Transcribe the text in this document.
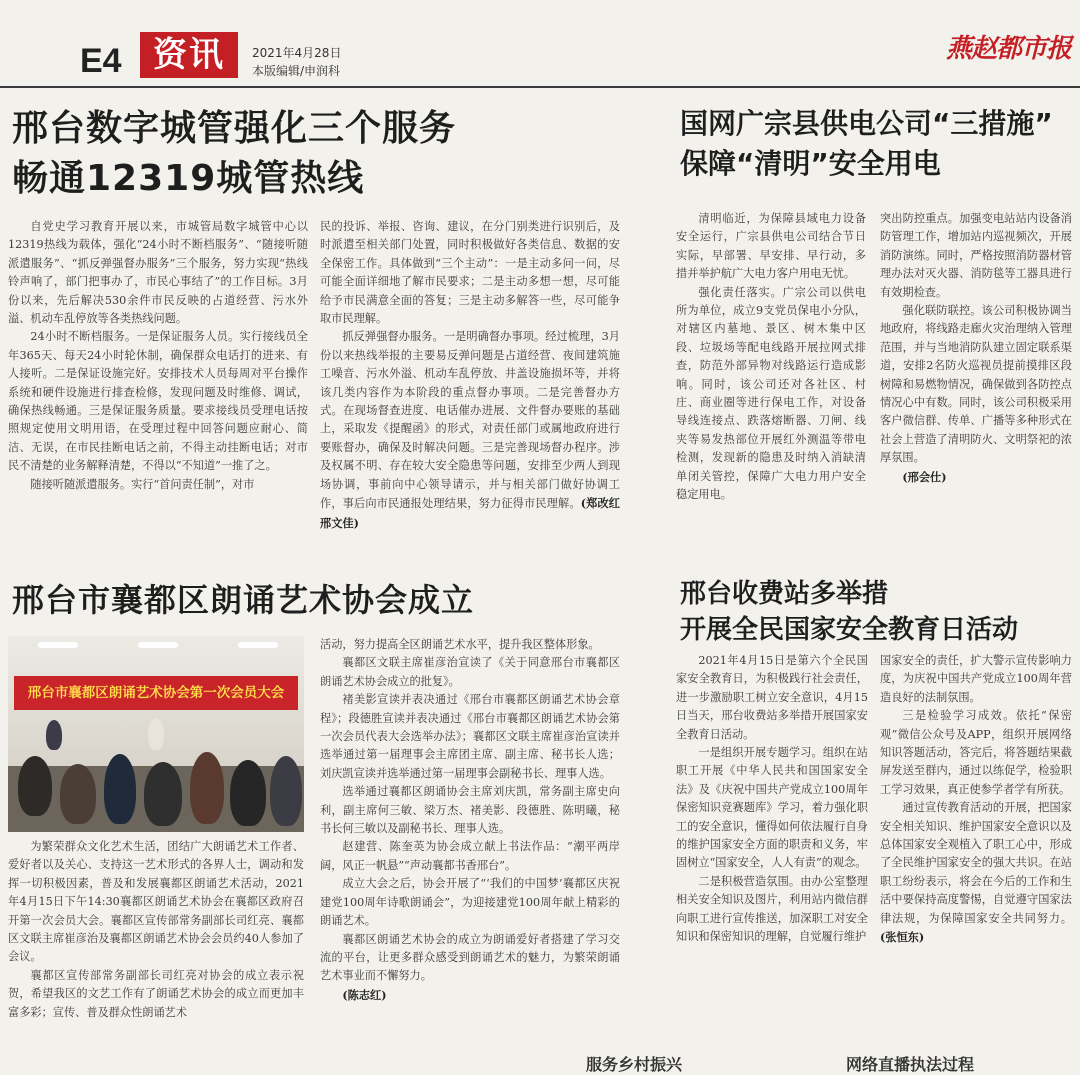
E4 资讯	2021年4月28日
本版编辑/申润科
燕赵都市报
邢台数字城管强化三个服务
畅通12319城管热线

自党史学习教育开展以来，市城管局数字城管中心以12319热线为载体，强化“24小时不断档服务”、“随接听随派遣服务”、“抓反弹强督办服务”三个服务，努力实现“热线铃声响了，部门把事办了，市民心事结了”的工作目标。3月份以来，先后解决530余件市民反映的占道经营、污水外溢、机动车乱停放等各类热线问题。

24小时不断档服务。一是保证服务人员。实行接线员全年365天、每天24小时轮休制，确保群众电话打的进来、有人接听。二是保证设施完好。安排技术人员每周对平台操作系统和硬件设施进行排查检修，发现问题及时维修、调试，确保热线畅通。三是保证服务质量。要求接线员受理电话按照规定使用文明用语，在受理过程中回答问题应耐心、简洁、无误，在市民挂断电话之前，不得主动挂断电话；对市民不清楚的业务解释清楚，不得以“不知道”一推了之。

随接听随派遣服务。实行“首问责任制”，对市

民的投诉、举报、咨询、建议，在分门别类进行识别后，及时派遣至相关部门处置，同时积极做好各类信息、数据的安全保密工作。具体做到“三个主动”：一是主动多问一问，尽可能全面详细地了解市民要求；二是主动多想一想，尽可能给予市民满意全面的答复；三是主动多解答一些，尽可能争取市民理解。

抓反弹强督办服务。一是明确督办事项。经过梳理，3月份以来热线举报的主要易反弹问题是占道经营、夜间建筑施工噪音、污水外溢、机动车乱停放、井盖设施损坏等，并将该几类内容作为本阶段的重点督办事项。二是完善督办方式。在现场督查进度、电话催办进展、文件督办要账的基础上，采取发《提醒函》的形式，对责任部门或属地政府进行要账督办，确保及时解决问题。三是完善现场督办程序。涉及权属不明、存在较大安全隐患等问题，安排至少两人到现场协调，事前向中心领导请示，并与相关部门做好协调工作，事后向市民通报处理结果，努力征得市民理解。(郑改红 邢文佳)

国网广宗县供电公司“三措施”
保障“清明”安全用电

清明临近，为保障县域电力设备安全运行，广宗县供电公司结合节日实际，早部署、早安排、早行动，多措并举护航广大电力客户用电无忧。

强化责任落实。广宗公司以供电所为单位，成立9支党员保电小分队，对辖区内墓地、景区、树木集中区段、垃圾场等配电线路开展拉网式排查，防范外部异物对线路运行造成影响。同时，该公司还对各社区、村庄、商业圈等进行保电工作，对设备导线连接点、跌落熔断器、刀闸、线夹等易发热部位开展红外测温等带电检测，发现新的隐患及时纳入消缺清单闭关管控，保障广大电力用户安全稳定用电。

突出防控重点。加强变电站站内设备消防管理工作，增加站内巡视频次，开展消防演练。同时，严格按照消防器材管理办法对灭火器、消防毯等工器具进行有效期检查。

强化联防联控。该公司积极协调当地政府，将线路走廊火灾治理纳入管理范围，并与当地消防队建立固定联系渠道，安排2名防火巡视员提前摸排区段树障和易燃物情况，确保做到各防控点情况心中有数。同时，该公司积极采用客户微信群、传单、广播等多种形式在社会上营造了清明防火、文明祭祀的浓厚氛围。

(邢会仕)

邢台市襄都区朗诵艺术协会成立
邢台市襄都区朗诵艺术协会第一次会员大会

为繁荣群众文化艺术生活，团结广大朗诵艺术工作者、爱好者以及关心、支持这一艺术形式的各界人士，调动和发挥一切积极因素，普及和发展襄都区朗诵艺术活动，2021年4月15日下午14:30襄都区朗诵艺术协会在襄都区政府召开第一次会员大会。襄都区宣传部常务副部长司红亮、襄都区文联主席崔彦治及襄都区朗诵艺术协会会员约40人参加了会议。

襄都区宣传部常务副部长司红亮对协会的成立表示祝贺，希望我区的文艺工作有了朗诵艺术协会的成立而更加丰富多彩；宣传、普及群众性朗诵艺术

活动，努力提高全区朗诵艺术水平，提升我区整体形象。

襄都区文联主席崔彦治宣读了《关于同意邢台市襄都区朗诵艺术协会成立的批复》。

褚美影宣读并表决通过《邢台市襄都区朗诵艺术协会章程》；段德胜宣读并表决通过《邢台市襄都区朗诵艺术协会第一次会员代表大会选举办法》；襄都区文联主席崔彦治宣读并选举通过第一届理事会主席团主席、副主席、秘书长人选；刘庆凯宣读并选举通过第一届理事会副秘书长、理事人选。

选举通过襄都区朗诵协会主席刘庆凯，常务副主席史向利，副主席何三敏、梁万杰、褚美影、段德胜、陈明曦，秘书长何三敏以及副秘书长、理事人选。

赵建营、陈奎英为协会成立献上书法作品：“潮平两岸阔，风正一帆悬”“声动襄都书香邢台”。

成立大会之后，协会开展了“‘我们的中国梦’襄都区庆祝建党100周年诗歌朗诵会”，为迎接建党100周年献上精彩的朗诵艺术。

襄都区朗诵艺术协会的成立为朗诵爱好者搭建了学习交流的平台，让更多群众感受到朗诵艺术的魅力，为繁荣朗诵艺术事业而不懈努力。

(陈志红)

邢台收费站多举措
开展全民国家安全教育日活动

2021年4月15日是第六个全民国家安全教育日，为积极践行社会责任，进一步激励职工树立安全意识，4月15日当天，邢台收费站多举措开展国家安全教育日活动。

一是组织开展专题学习。组织在站职工开展《中华人民共和国国家安全法》及《庆祝中国共产党成立100周年保密知识竞赛题库》学习，着力强化职工的安全意识，懂得如何依法履行自身的维护国家安全方面的职责和义务，牢固树立“国家安全，人人有责”的观念。

二是积极营造氛围。由办公室整理相关安全知识及图片，利用站内微信群向职工进行宣传推送，加深职工对安全知识和保密知识的理解，自觉履行维护

国家安全的责任，扩大警示宣传影响力度，为庆祝中国共产党成立100周年营造良好的法制氛围。

三是检验学习成效。依托“保密观”微信公众号及APP，组织开展网络知识答题活动，答完后，将答题结果截屏发送至群内，通过以练促学，检验职工学习效果，真正使参学者学有所获。

通过宣传教育活动的开展，把国家安全相关知识、维护国家安全意识以及总体国家安全观植入了职工心中，形成了全民维护国家安全的强大共识。在站职工纷纷表示，将会在今后的工作和生活中要保持高度警惕，自觉遵守国家法律法规，为保障国家安全共同努力。(张恒东)

服务乡村振兴	网络直播执法过程
